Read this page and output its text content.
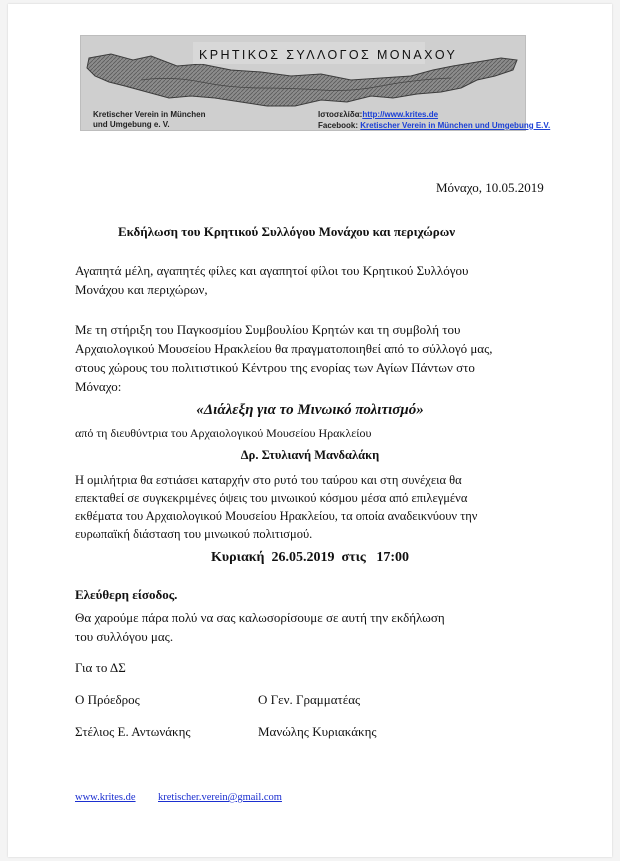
ΚΡΗΤΙΚΟΣ ΣΥΛΛΟΓΟΣ ΜΟΝΑΧΟΥ
Kretischer Verein in München
und Umgebung e. V.
Ιστοσελίδα:http://www.krites.de
Facebook: Kretischer Verein in München und Umgebung E.V.
Μόναχο, 10.05.2019
Εκδήλωση του Κρητικού Συλλόγου Μονάχου και περιχώρων
Αγαπητά μέλη, αγαπητές φίλες και αγαπητοί φίλοι του Κρητικού Συλλόγου
Μονάχου και περιχώρων,
Με τη στήριξη του Παγκοσμίου Συμβουλίου Κρητών και τη συμβολή του
Αρχαιολογικού Μουσείου Ηρακλείου θα πραγματοποιηθεί από το σύλλογό μας,
στους χώρους του πολιτιστικού Κέντρου της ενορίας των Αγίων Πάντων στο
Μόναχο:
«Διάλεξη για το Μινωικό πολιτισμό»
από τη διευθύντρια του Αρχαιολογικού Μουσείου Ηρακλείου
Δρ. Στυλιανή Μανδαλάκη
Η ομιλήτρια θα εστιάσει καταρχήν στο ρυτό του ταύρου και στη συνέχεια θα
επεκταθεί σε συγκεκριμένες όψεις του μινωικού κόσμου μέσα από επιλεγμένα
εκθέματα του Αρχαιολογικού Μουσείου Ηρακλείου, τα οποία αναδεικνύουν την
ευρωπαϊκή διάσταση του μινωικού πολιτισμού.
Κυριακή  26.05.2019  στις   17:00
Ελεύθερη είσοδος.
Θα χαρούμε πάρα πολύ να σας καλωσορίσουμε σε αυτή την εκδήλωση
του συλλόγου μας.
Για το ΔΣ
Ο Πρόεδρος	Ο Γεν. Γραμματέας
Στέλιος Ε. Αντωνάκης	Μανώλης Κυριακάκης
www.krites.de kretischer.verein@gmail.com
